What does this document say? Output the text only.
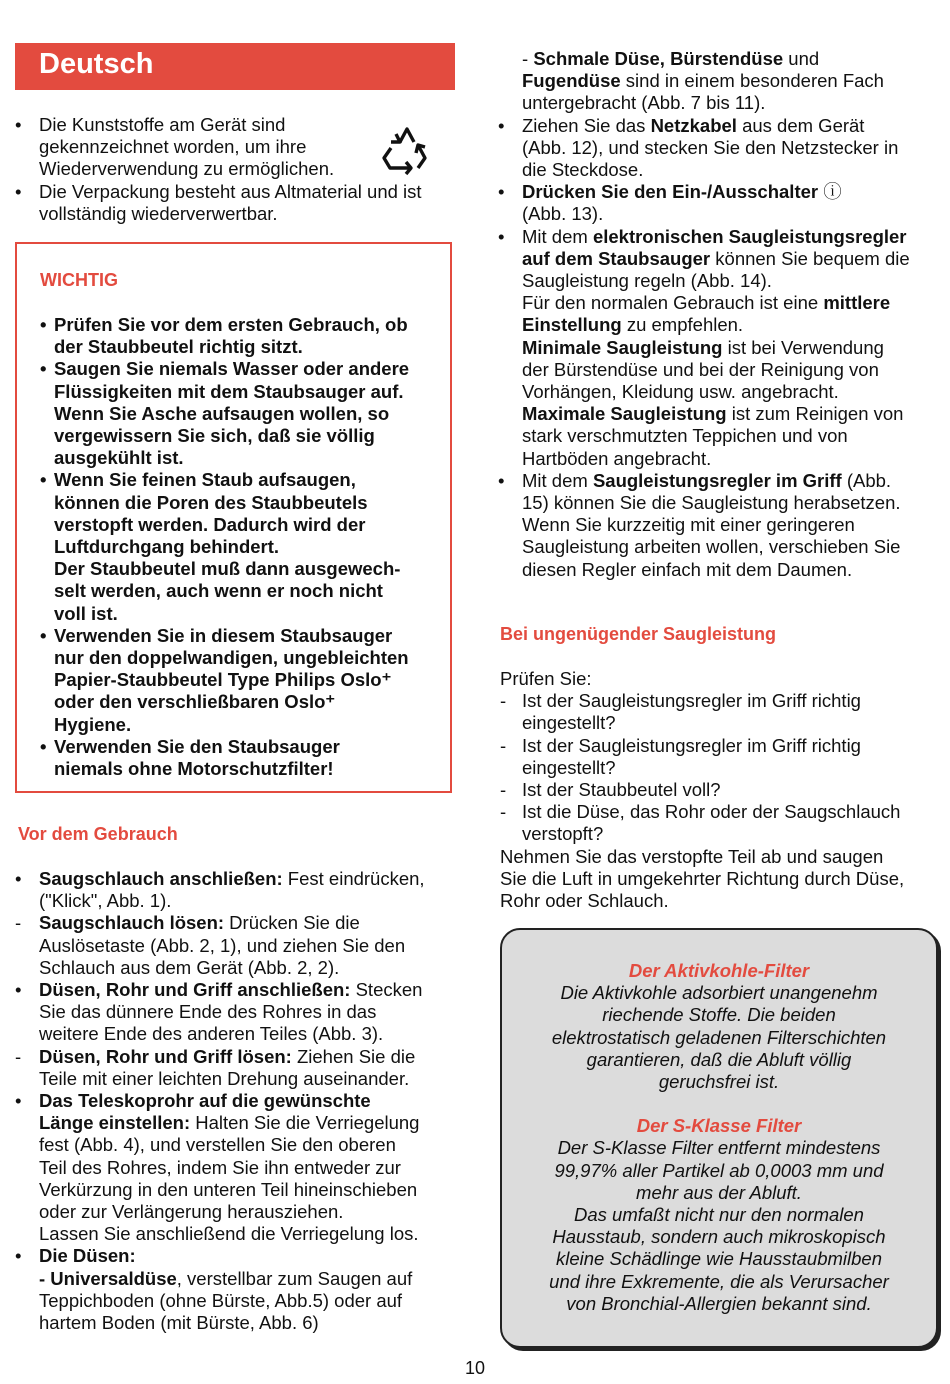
Deutsch
• Die Kunststoffe am Gerät sind
gekennzeichnet worden, um ihre
Wiederverwendung zu ermöglichen.
• Die Verpackung besteht aus Altmaterial und ist
vollständig wiederverwertbar.
WICHTIG
• Prüfen Sie vor dem ersten Gebrauch, ob
der Staubbeutel richtig sitzt.
• Saugen Sie niemals Wasser oder andere
Flüssigkeiten mit dem Staubsauger auf.
Wenn Sie Asche aufsaugen wollen, so
vergewissern Sie sich, daß sie völlig
ausgekühlt ist.
• Wenn Sie feinen Staub aufsaugen,
können die Poren des Staubbeutels
verstopft werden. Dadurch wird der
Luftdurchgang behindert.
Der Staubbeutel muß dann ausgewech-
selt werden, auch wenn er noch nicht
voll ist.
• Verwenden Sie in diesem Staubsauger
nur den doppelwandigen, ungebleichten
Papier-Staubbeutel Type Philips Oslo⁺
oder den verschließbaren Oslo⁺
Hygiene.
• Verwenden Sie den Staubsauger
niemals ohne Motorschutzfilter!
Vor dem Gebrauch
• Saugschlauch anschließen: Fest eindrücken,
("Klick", Abb. 1).
- Saugschlauch lösen: Drücken Sie die
Auslösetaste (Abb. 2, 1), und ziehen Sie den
Schlauch aus dem Gerät (Abb. 2, 2).
• Düsen, Rohr und Griff anschließen: Stecken
Sie das dünnere Ende des Rohres in das
weitere Ende des anderen Teiles (Abb. 3).
- Düsen, Rohr und Griff lösen: Ziehen Sie die
Teile mit einer leichten Drehung auseinander.
• Das Teleskoprohr auf die gewünschte
Länge einstellen: Halten Sie die Verriegelung
fest (Abb. 4), und verstellen Sie den oberen
Teil des Rohres, indem Sie ihn entweder zur
Verkürzung in den unteren Teil hineinschieben
oder zur Verlängerung herausziehen.
Lassen Sie anschließend die Verriegelung los.
• Die Düsen:
- Universaldüse, verstellbar zum Saugen auf
Teppichboden (ohne Bürste, Abb.5) oder auf
hartem Boden (mit Bürste, Abb. 6)
- Schmale Düse, Bürstendüse und
Fugendüse sind in einem besonderen Fach
untergebracht (Abb. 7 bis 11).
• Ziehen Sie das Netzkabel aus dem Gerät
(Abb. 12), und stecken Sie den Netzstecker in
die Steckdose.
• Drücken Sie den Ein-/Ausschalter ⓘ
(Abb. 13).
• Mit dem elektronischen Saugleistungsregler
auf dem Staubsauger können Sie bequem die
Saugleistung regeln (Abb. 14).
Für den normalen Gebrauch ist eine mittlere
Einstellung zu empfehlen.
Minimale Saugleistung ist bei Verwendung
der Bürstendüse und bei der Reinigung von
Vorhängen, Kleidung usw. angebracht.
Maximale Saugleistung ist zum Reinigen von
stark verschmutzten Teppichen und von
Hartböden angebracht.
• Mit dem Saugleistungsregler im Griff (Abb.
15) können Sie die Saugleistung herabsetzen.
Wenn Sie kurzzeitig mit einer geringeren
Saugleistung arbeiten wollen, verschieben Sie
diesen Regler einfach mit dem Daumen.
Bei ungenügender Saugleistung
Prüfen Sie:
- Ist der Saugleistungsregler im Griff richtig
eingestellt?
- Ist der Saugleistungsregler im Griff richtig
eingestellt?
- Ist der Staubbeutel voll?
- Ist die Düse, das Rohr oder der Saugschlauch
verstopft?
Nehmen Sie das verstopfte Teil ab und saugen
Sie die Luft in umgekehrter Richtung durch Düse,
Rohr oder Schlauch.
Der Aktivkohle-Filter
Die Aktivkohle adsorbiert unangenehm
riechende Stoffe. Die beiden
elektrostatisch geladenen Filterschichten
garantieren, daß die Abluft völlig
geruchsfrei ist.
Der S-Klasse Filter
Der S-Klasse Filter entfernt mindestens
99,97% aller Partikel ab 0,0003 mm und
mehr aus der Abluft.
Das umfaßt nicht nur den normalen
Hausstaub, sondern auch mikroskopisch
kleine Schädlinge wie Hausstaubmilben
und ihre Exkremente, die als Verursacher
von Bronchial-Allergien bekannt sind.
10
